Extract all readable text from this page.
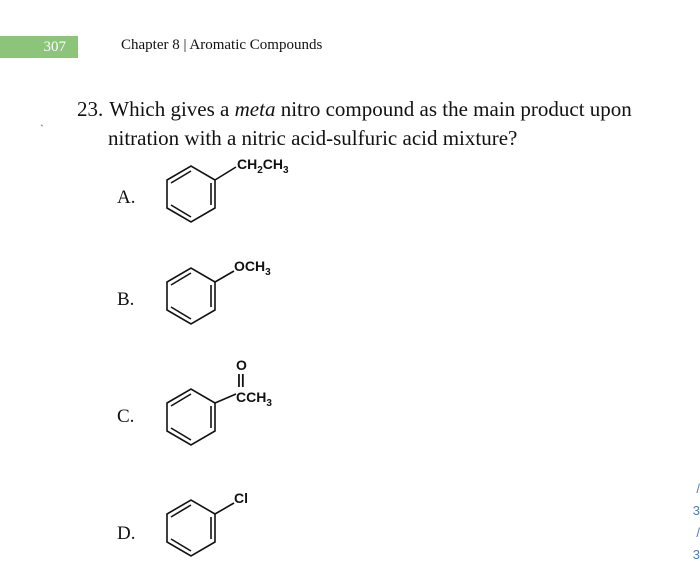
307	Chapter 8 | Aromatic Compounds
`
23. Which gives a meta nitro compound as the main product upon
nitration with a nitric acid-sulfuric acid mixture?
A.
$CH_2CH_3$
B.
$OCH_3$
C.
O
||
$CCH_3$
D.
Cl
/
3
/
3
